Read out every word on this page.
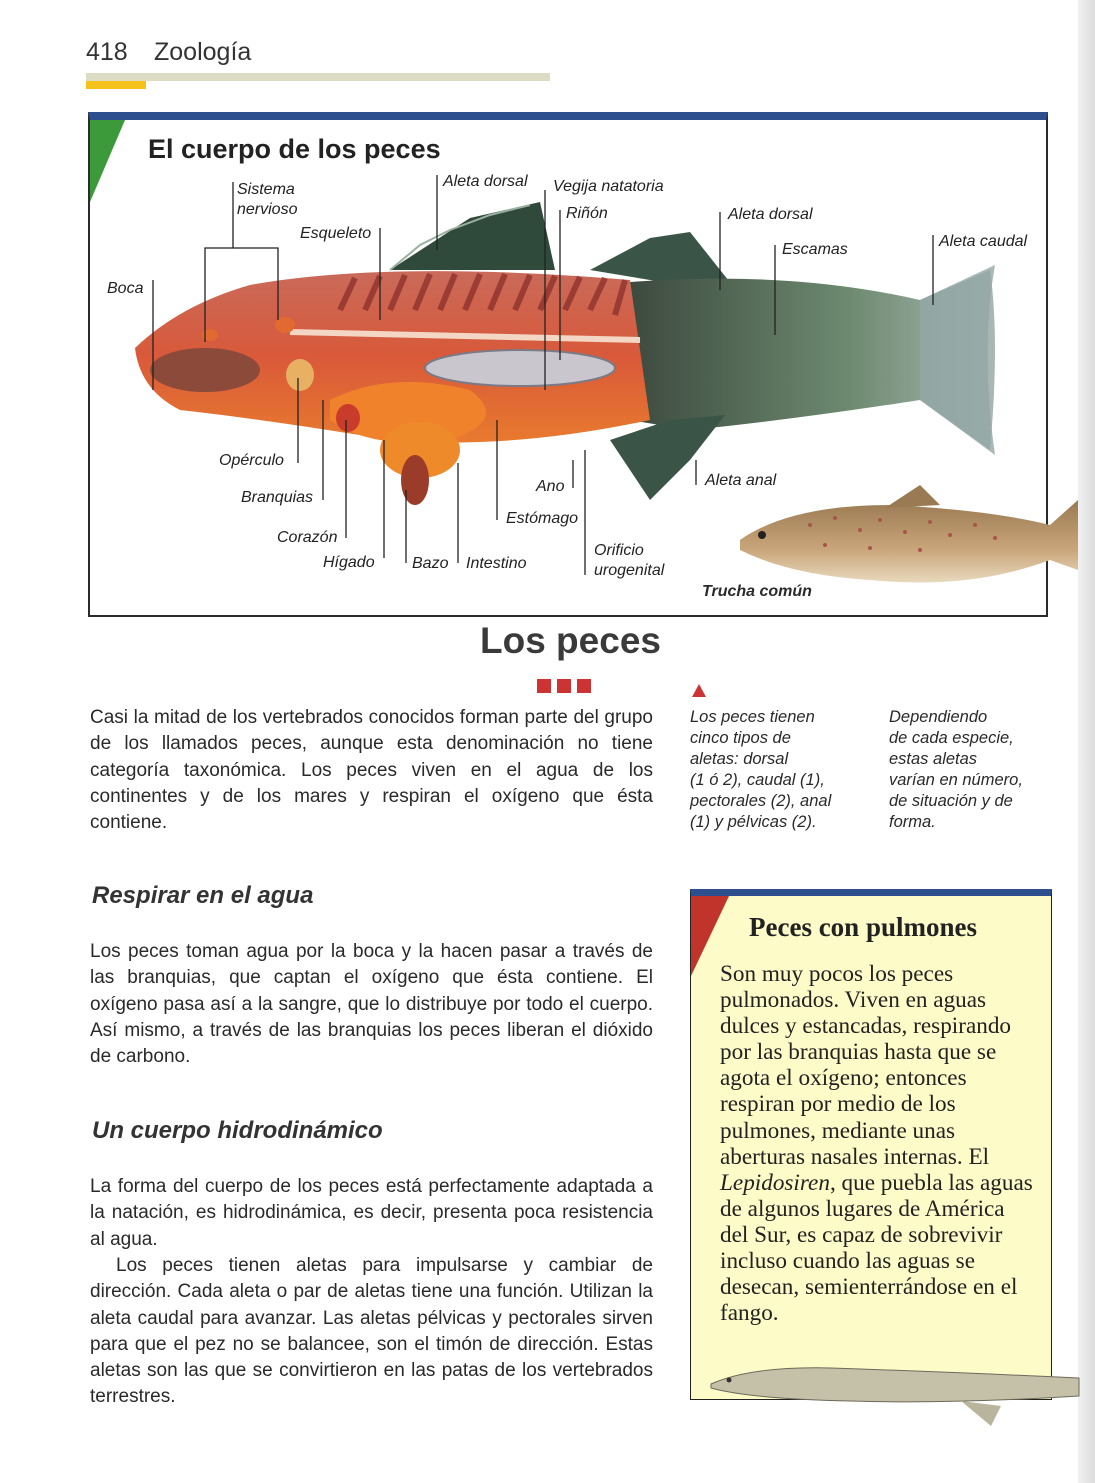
418 Zoología
El cuerpo de los peces
Sistema
nervioso
Esqueleto
Aleta dorsal Vegija natatoria
Riñón	Aleta dorsal
Escamas	Aleta caudal
Boca
Opérculo
Branquias
Corazón
Hígado Bazo Intestino
Ano
Estómago
Orificio
urogenital
Aleta anal
Trucha común
Los peces
Casi la mitad de los vertebrados conocidos forman parte del grupo de los llamados peces, aunque esta denominación no tiene categoría taxonómica. Los peces viven en el agua de los continentes y de los mares y respiran el oxígeno que ésta contiene.
Los peces tienen
cinco tipos de
aletas: dorsal
(1 ó 2), caudal (1),
pectorales (2), anal
(1) y pélvicas (2).
Dependiendo
de cada especie,
estas aletas
varían en número,
de situación y de
forma.
Respirar en el agua
Los peces toman agua por la boca y la hacen pasar a través de las branquias, que captan el oxígeno que ésta contiene. El oxígeno pasa así a la sangre, que lo distribuye por todo el cuerpo. Así mismo, a través de las branquias los peces liberan el dióxido de carbono.
Un cuerpo hidrodinámico
La forma del cuerpo de los peces está perfectamente adaptada a la natación, es hidrodinámica, es decir, presenta poca resistencia al agua.
Los peces tienen aletas para impulsarse y cambiar de dirección. Cada aleta o par de aletas tiene una función. Utilizan la aleta caudal para avanzar. Las aletas pélvicas y pectorales sirven para que el pez no se balancee, son el timón de dirección. Estas aletas son las que se convirtieron en las patas de los vertebrados terrestres.
Peces con pulmones
Son muy pocos los peces pulmonados. Viven en aguas dulces y estancadas, respirando por las branquias hasta que se agota el oxígeno; entonces respiran por medio de los pulmones, mediante unas aberturas nasales internas. El Lepidosiren, que puebla las aguas de algunos lugares de América del Sur, es capaz de sobrevivir incluso cuando las aguas se desecan, semienterrándose en el fango.
